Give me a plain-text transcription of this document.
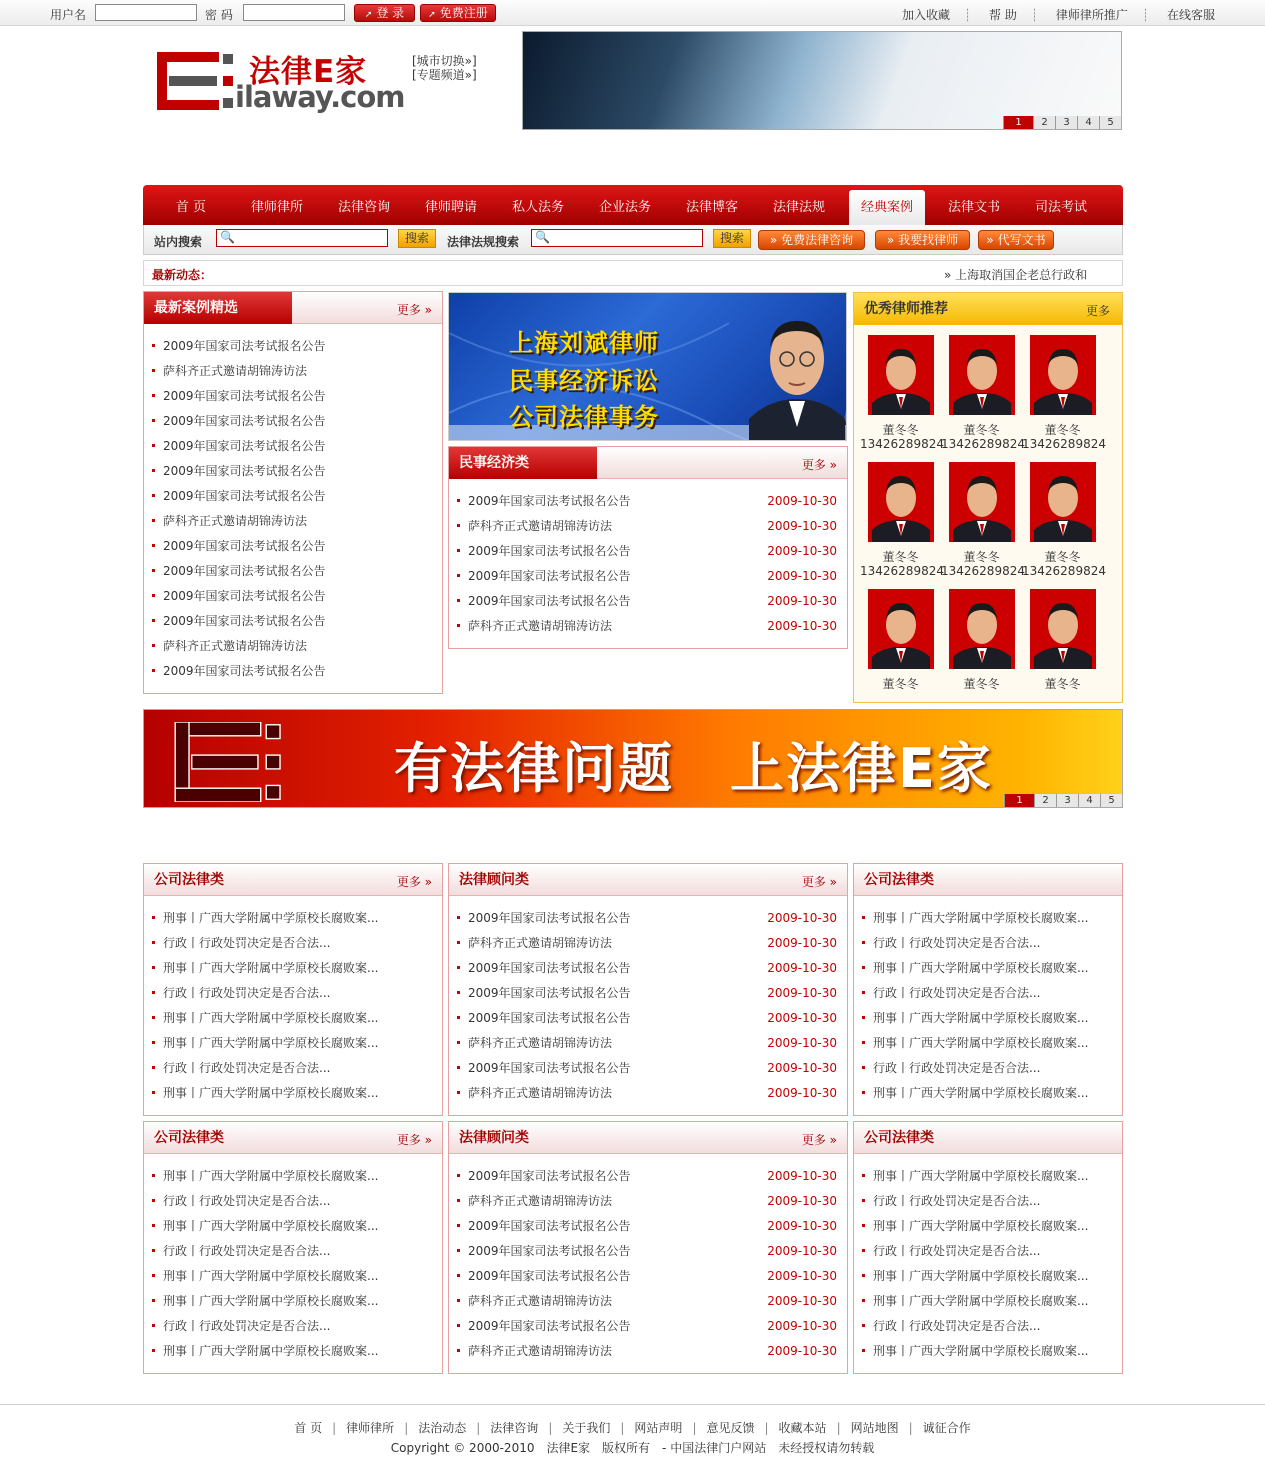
用户名	密 码	➚ 登 录	➚ 免费注册	加入收藏 ┊ 帮 助 ┊ 律师律所推广 ┊ 在线客服
法律E家
ilaway.com
[城市切换»]
[专题频道»]
1	2	3	4	5
首 页	律师律所	法律咨询	律师聘请	私人法务	企业法务	法律博客	法律法规	经典案例	法律文书	司法考试
站内搜索 🔍	搜索	法律法规搜索 🔍	搜索	» 免费法律咨询	» 我要找律师	» 代写文书
最新动态：	» 上海取消国企老总行政和
最新案例精选	更多 »
2009年国家司法考试报名公告
萨科齐正式邀请胡锦涛访法
2009年国家司法考试报名公告
2009年国家司法考试报名公告
2009年国家司法考试报名公告
2009年国家司法考试报名公告
2009年国家司法考试报名公告
萨科齐正式邀请胡锦涛访法
2009年国家司法考试报名公告
2009年国家司法考试报名公告
2009年国家司法考试报名公告
2009年国家司法考试报名公告
萨科齐正式邀请胡锦涛访法
2009年国家司法考试报名公告
上海刘斌律师
民事经济诉讼
公司法律事务
民事经济类	更多 »
2009年国家司法考试报名公告	2009-10-30
萨科齐正式邀请胡锦涛访法	2009-10-30
2009年国家司法考试报名公告	2009-10-30
2009年国家司法考试报名公告	2009-10-30
2009年国家司法考试报名公告	2009-10-30
萨科齐正式邀请胡锦涛访法	2009-10-30
优秀律师推荐	更多
董冬冬
13426289824
董冬冬
13426289824
董冬冬
13426289824
董冬冬
13426289824
董冬冬
13426289824
董冬冬
13426289824
董冬冬	董冬冬	董冬冬
有法律问题　上法律E家
1	2	3	4	5
公司法律类	更多 »
刑事丨广西大学附属中学原校长腐败案...
行政丨行政处罚决定是否合法...
刑事丨广西大学附属中学原校长腐败案...
行政丨行政处罚决定是否合法...
刑事丨广西大学附属中学原校长腐败案...
刑事丨广西大学附属中学原校长腐败案...
行政丨行政处罚决定是否合法...
刑事丨广西大学附属中学原校长腐败案...
法律顾问类	更多 »
2009年国家司法考试报名公告	2009-10-30
萨科齐正式邀请胡锦涛访法	2009-10-30
2009年国家司法考试报名公告	2009-10-30
2009年国家司法考试报名公告	2009-10-30
2009年国家司法考试报名公告	2009-10-30
萨科齐正式邀请胡锦涛访法	2009-10-30
2009年国家司法考试报名公告	2009-10-30
萨科齐正式邀请胡锦涛访法	2009-10-30
公司法律类
刑事丨广西大学附属中学原校长腐败案...
行政丨行政处罚决定是否合法...
刑事丨广西大学附属中学原校长腐败案...
行政丨行政处罚决定是否合法...
刑事丨广西大学附属中学原校长腐败案...
刑事丨广西大学附属中学原校长腐败案...
行政丨行政处罚决定是否合法...
刑事丨广西大学附属中学原校长腐败案...
公司法律类	更多 »
刑事丨广西大学附属中学原校长腐败案...
行政丨行政处罚决定是否合法...
刑事丨广西大学附属中学原校长腐败案...
行政丨行政处罚决定是否合法...
刑事丨广西大学附属中学原校长腐败案...
刑事丨广西大学附属中学原校长腐败案...
行政丨行政处罚决定是否合法...
刑事丨广西大学附属中学原校长腐败案...
法律顾问类	更多 »
2009年国家司法考试报名公告	2009-10-30
萨科齐正式邀请胡锦涛访法	2009-10-30
2009年国家司法考试报名公告	2009-10-30
2009年国家司法考试报名公告	2009-10-30
2009年国家司法考试报名公告	2009-10-30
萨科齐正式邀请胡锦涛访法	2009-10-30
2009年国家司法考试报名公告	2009-10-30
萨科齐正式邀请胡锦涛访法	2009-10-30
公司法律类
刑事丨广西大学附属中学原校长腐败案...
行政丨行政处罚决定是否合法...
刑事丨广西大学附属中学原校长腐败案...
行政丨行政处罚决定是否合法...
刑事丨广西大学附属中学原校长腐败案...
刑事丨广西大学附属中学原校长腐败案...
行政丨行政处罚决定是否合法...
刑事丨广西大学附属中学原校长腐败案...
首 页 | 律师律所 | 法治动态 | 法律咨询 | 关于我们 | 网站声明 | 意见反馈 | 收藏本站 | 网站地图 | 诚征合作
Copyright © 2000-2010　法律E家　版权所有　- 中国法律门户网站　未经授权请勿转载
